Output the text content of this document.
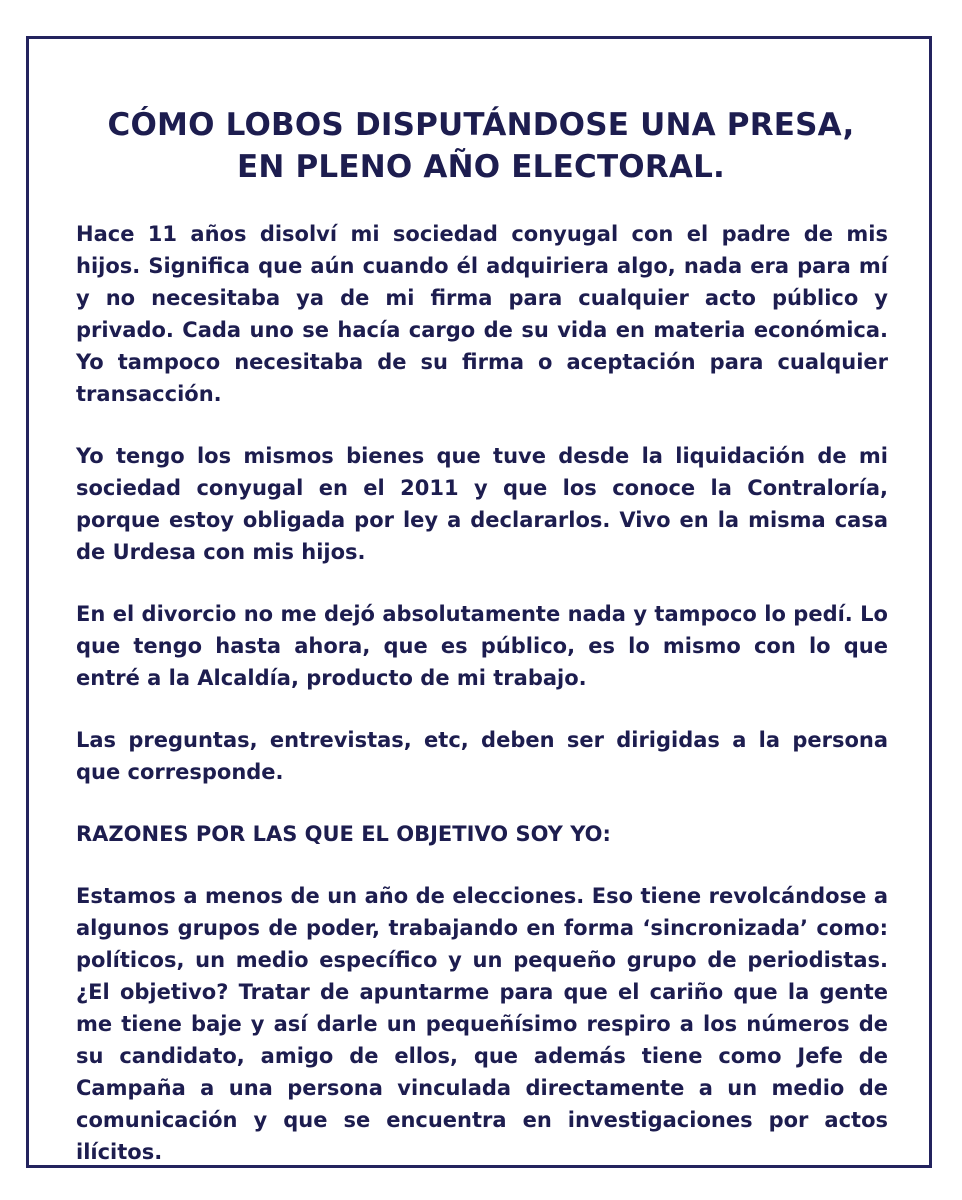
CÓMO LOBOS DISPUTÁNDOSE UNA PRESA,
EN PLENO AÑO ELECTORAL.

Hace 11 años disolví mi sociedad conyugal con el padre de mis hijos. Significa que aún cuando él adquiriera algo, nada era para mí y no necesitaba ya de mi firma para cualquier acto público y privado. Cada uno se hacía cargo de su vida en materia económica. Yo tampoco necesitaba de su firma o aceptación para cualquier transacción.

Yo tengo los mismos bienes que tuve desde la liquidación de mi sociedad conyugal en el 2011 y que los conoce la Contraloría, porque estoy obligada por ley a declararlos. Vivo en la misma casa de Urdesa con mis hijos.

En el divorcio no me dejó absolutamente nada y tampoco lo pedí. Lo que tengo hasta ahora, que es público, es lo mismo con lo que entré a la Alcaldía, producto de mi trabajo.

Las preguntas, entrevistas, etc, deben ser dirigidas a la persona que corresponde.

RAZONES POR LAS QUE EL OBJETIVO SOY YO:

Estamos a menos de un año de elecciones. Eso tiene revolcándose a algunos grupos de poder, trabajando en forma ‘sincronizada’ como: políticos, un medio específico y un pequeño grupo de periodistas. ¿El objetivo? Tratar de apuntarme para que el cariño que la gente me tiene baje y así darle un pequeñísimo respiro a los números de su candidato, amigo de ellos, que además tiene como Jefe de Campaña a una persona vinculada directamente a un medio de comunicación y que se encuentra en investigaciones por actos ilícitos.
